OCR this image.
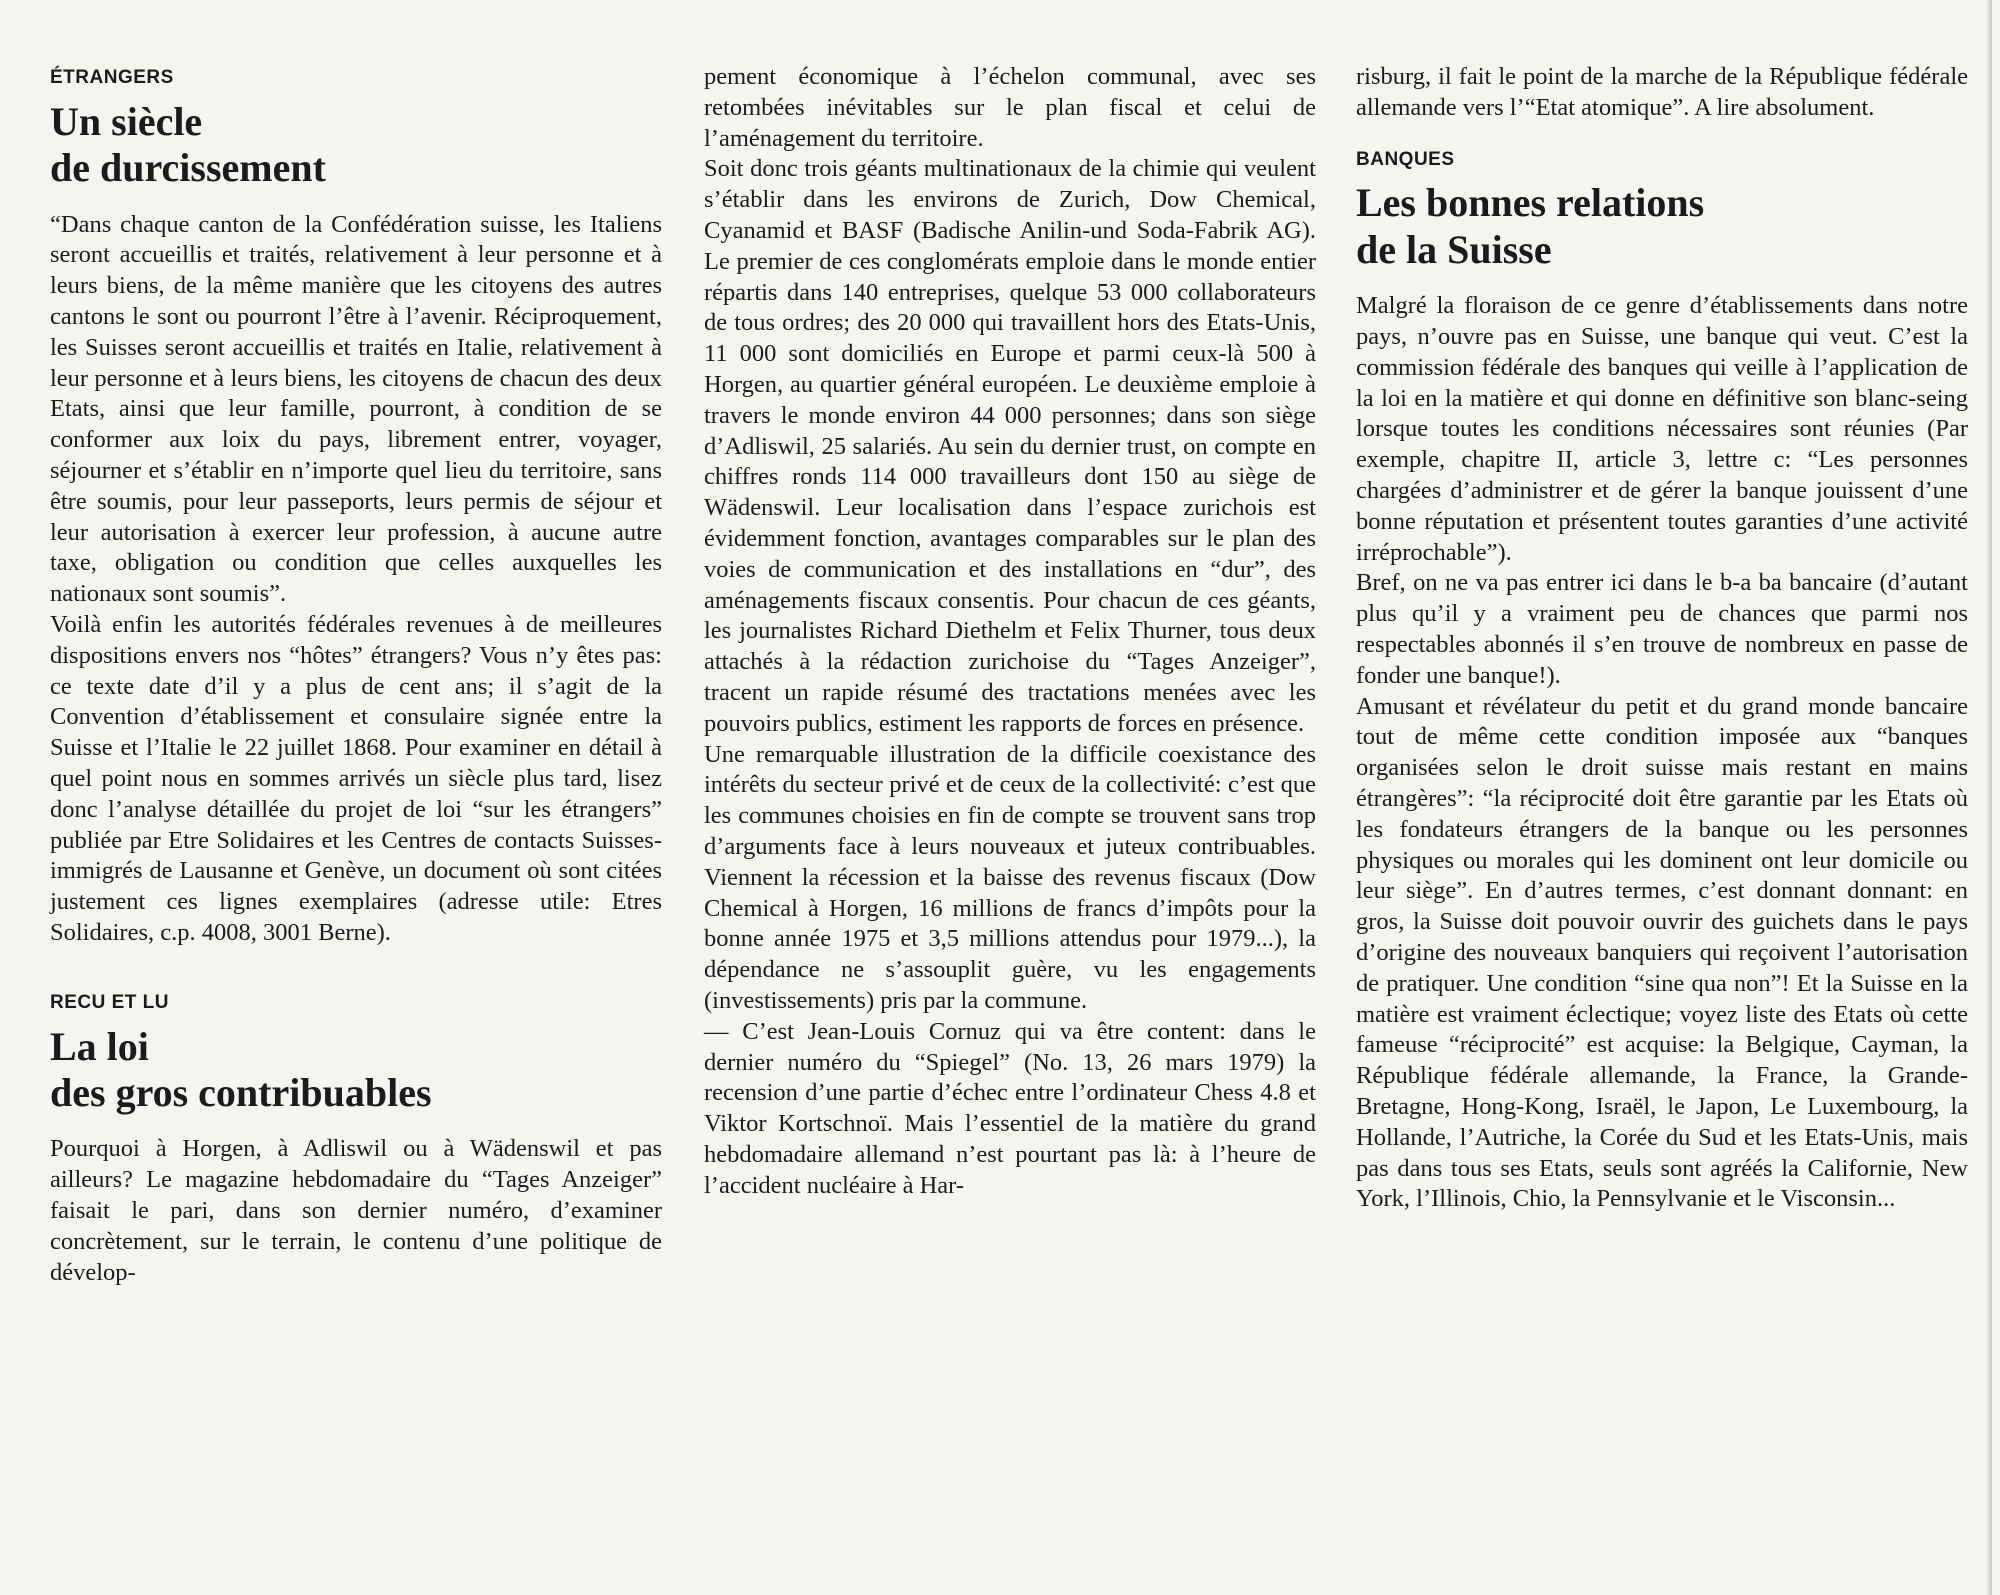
ÉTRANGERS
Un siècle
de durcissement

“Dans chaque canton de la Confédération suisse, les Italiens seront accueillis et traités, relativement à leur personne et à leurs biens, de la même manière que les citoyens des autres cantons le sont ou pourront l’être à l’avenir. Réciproquement, les Suisses seront accueillis et traités en Italie, relativement à leur personne et à leurs biens, les citoyens de chacun des deux Etats, ainsi que leur famille, pourront, à condition de se conformer aux loix du pays, librement entrer, voyager, séjourner et s’établir en n’importe quel lieu du territoire, sans être soumis, pour leur passeports, leurs permis de séjour et leur autorisation à exercer leur profession, à aucune autre taxe, obligation ou condition que celles auxquelles les nationaux sont soumis”.

Voilà enfin les autorités fédérales revenues à de meilleures dispositions envers nos “hôtes” étrangers? Vous n’y êtes pas: ce texte date d’il y a plus de cent ans; il s’agit de la Convention d’établissement et consulaire signée entre la Suisse et l’Italie le 22 juillet 1868. Pour examiner en détail à quel point nous en sommes arrivés un siècle plus tard, lisez donc l’analyse détaillée du projet de loi “sur les étrangers” publiée par Etre Solidaires et les Centres de contacts Suisses-immigrés de Lausanne et Genève, un document où sont citées justement ces lignes exemplaires (adresse utile: Etres Solidaires, c.p. 4008, 3001 Berne).

RECU ET LU
La loi
des gros contribuables

Pourquoi à Horgen, à Adliswil ou à Wädenswil et pas ailleurs? Le magazine hebdomadaire du “Tages Anzeiger” faisait le pari, dans son dernier numéro, d’examiner concrètement, sur le terrain, le contenu d’une politique de dévelop-

pement économique à l’échelon communal, avec ses retombées inévitables sur le plan fiscal et celui de l’aménagement du territoire.

Soit donc trois géants multinationaux de la chimie qui veulent s’établir dans les environs de Zurich, Dow Chemical, Cyanamid et BASF (Badische Anilin-und Soda-Fabrik AG). Le premier de ces conglomérats emploie dans le monde entier répartis dans 140 entreprises, quelque 53 000 collaborateurs de tous ordres; des 20 000 qui travaillent hors des Etats-Unis, 11 000 sont domiciliés en Europe et parmi ceux-là 500 à Horgen, au quartier général européen. Le deuxième emploie à travers le monde environ 44 000 personnes; dans son siège d’Adliswil, 25 salariés. Au sein du dernier trust, on compte en chiffres ronds 114 000 travailleurs dont 150 au siège de Wädenswil. Leur localisation dans l’espace zurichois est évidemment fonction, avantages comparables sur le plan des voies de communication et des installations en “dur”, des aménagements fiscaux consentis. Pour chacun de ces géants, les journalistes Richard Diethelm et Felix Thurner, tous deux attachés à la rédaction zurichoise du “Tages Anzeiger”, tracent un rapide résumé des tractations menées avec les pouvoirs publics, estiment les rapports de forces en présence.

Une remarquable illustration de la difficile coexistance des intérêts du secteur privé et de ceux de la collectivité: c’est que les communes choisies en fin de compte se trouvent sans trop d’arguments face à leurs nouveaux et juteux contribuables. Viennent la récession et la baisse des revenus fiscaux (Dow Chemical à Horgen, 16 millions de francs d’impôts pour la bonne année 1975 et 3,5 millions attendus pour 1979...), la dépendance ne s’assouplit guère, vu les engagements (investissements) pris par la commune.

— C’est Jean-Louis Cornuz qui va être content: dans le dernier numéro du “Spiegel” (No. 13, 26 mars 1979) la recension d’une partie d’échec entre l’ordinateur Chess 4.8 et Viktor Kortschnoï. Mais l’essentiel de la matière du grand hebdomadaire allemand n’est pourtant pas là: à l’heure de l’accident nucléaire à Har-

risburg, il fait le point de la marche de la République fédérale allemande vers l’“Etat atomique”. A lire absolument.

BANQUES
Les bonnes relations
de la Suisse

Malgré la floraison de ce genre d’établissements dans notre pays, n’ouvre pas en Suisse, une banque qui veut. C’est la commission fédérale des banques qui veille à l’application de la loi en la matière et qui donne en définitive son blanc-seing lorsque toutes les conditions nécessaires sont réunies (Par exemple, chapitre II, article 3, lettre c: “Les personnes chargées d’administrer et de gérer la banque jouissent d’une bonne réputation et présentent toutes garanties d’une activité irréprochable”).

Bref, on ne va pas entrer ici dans le b-a ba bancaire (d’autant plus qu’il y a vraiment peu de chances que parmi nos respectables abonnés il s’en trouve de nombreux en passe de fonder une banque!).

Amusant et révélateur du petit et du grand monde bancaire tout de même cette condition imposée aux “banques organisées selon le droit suisse mais restant en mains étrangères”: “la réciprocité doit être garantie par les Etats où les fondateurs étrangers de la banque ou les personnes physiques ou morales qui les dominent ont leur domicile ou leur siège”. En d’autres termes, c’est donnant donnant: en gros, la Suisse doit pouvoir ouvrir des guichets dans le pays d’origine des nouveaux banquiers qui reçoivent l’autorisation de pratiquer. Une condition “sine qua non”! Et la Suisse en la matière est vraiment éclectique; voyez liste des Etats où cette fameuse “réciprocité” est acquise: la Belgique, Cayman, la République fédérale allemande, la France, la Grande-Bretagne, Hong-Kong, Israël, le Japon, Le Luxembourg, la Hollande, l’Autriche, la Corée du Sud et les Etats-Unis, mais pas dans tous ses Etats, seuls sont agréés la Californie, New York, l’Illinois, Chio, la Pennsylvanie et le Visconsin...
